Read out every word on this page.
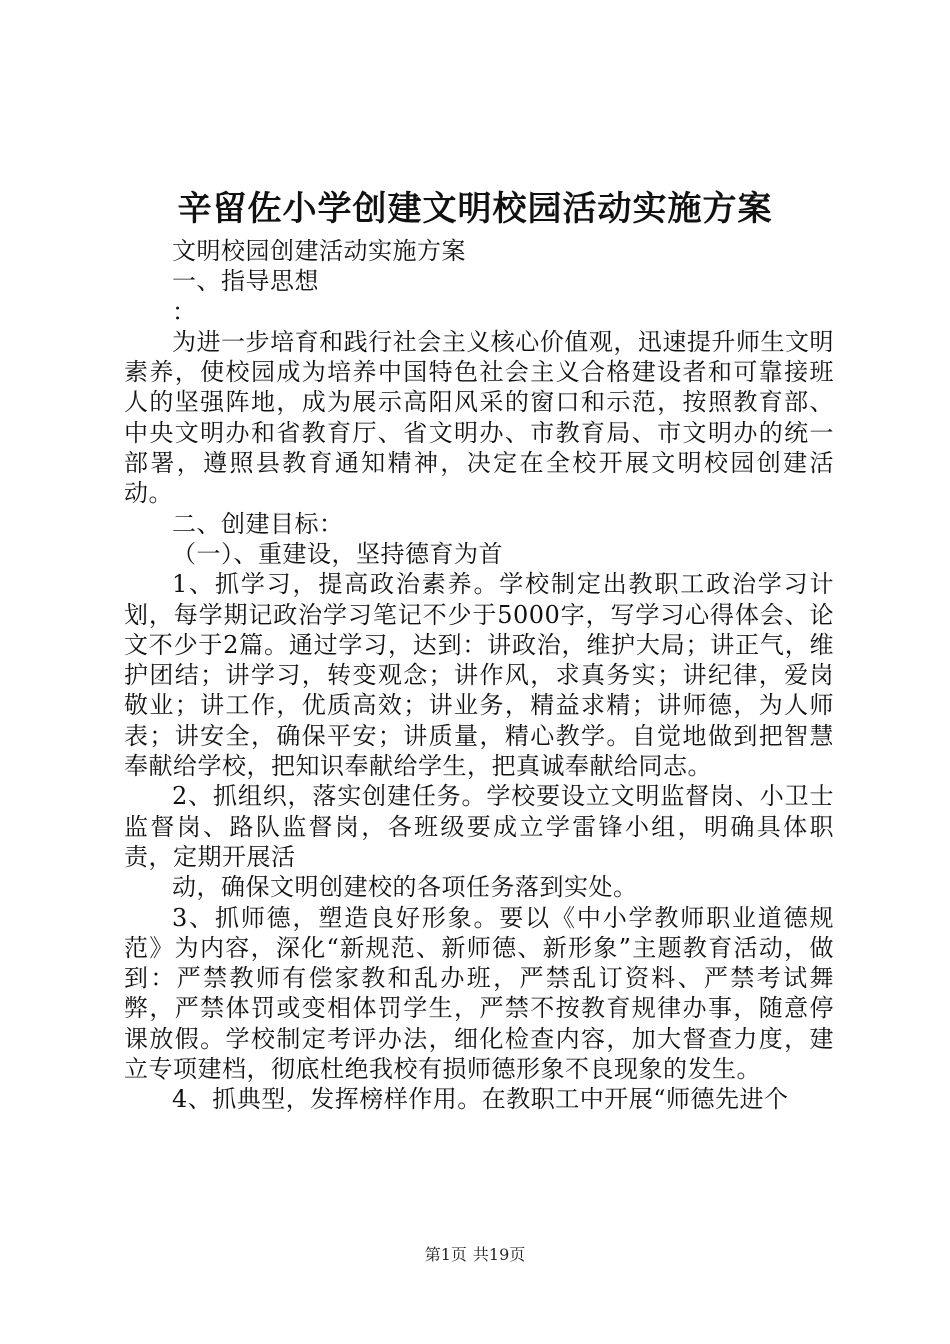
辛留佐小学创建文明校园活动实施方案

文明校园创建活动实施方案

一、指导思想

：

为进一步培育和践行社会主义核心价值观，迅速提升师生文明素养，使校园成为培养中国特色社会主义合格建设者和可靠接班人的坚强阵地，成为展示高阳风采的窗口和示范，按照教育部、中央文明办和省教育厅、省文明办、市教育局、市文明办的统一部署，遵照县教育通知精神，决定在全校开展文明校园创建活动。

二、创建目标：

（一）、重建设，坚持德育为首

1、抓学习，提高政治素养。学校制定出教职工政治学习计划，每学期记政治学习笔记不少于5000字，写学习心得体会、论文不少于2篇。通过学习，达到：讲政治，维护大局；讲正气，维护团结；讲学习，转变观念；讲作风，求真务实；讲纪律，爱岗敬业；讲工作，优质高效；讲业务，精益求精；讲师德，为人师表；讲安全，确保平安；讲质量，精心教学。自觉地做到把智慧奉献给学校，把知识奉献给学生，把真诚奉献给同志。

2、抓组织，落实创建任务。学校要设立文明监督岗、小卫士监督岗、路队监督岗，各班级要成立学雷锋小组，明确具体职责，定期开展活

动，确保文明创建校的各项任务落到实处。

3、抓师德，塑造良好形象。要以《中小学教师职业道德规范》为内容，深化“新规范、新师德、新形象”主题教育活动，做到：严禁教师有偿家教和乱办班，严禁乱订资料、严禁考试舞弊，严禁体罚或变相体罚学生，严禁不按教育规律办事，随意停课放假。学校制定考评办法，细化检查内容，加大督查力度，建立专项建档，彻底杜绝我校有损师德形象不良现象的发生。

4、抓典型，发挥榜样作用。在教职工中开展“师德先进个

第1页 共19页
